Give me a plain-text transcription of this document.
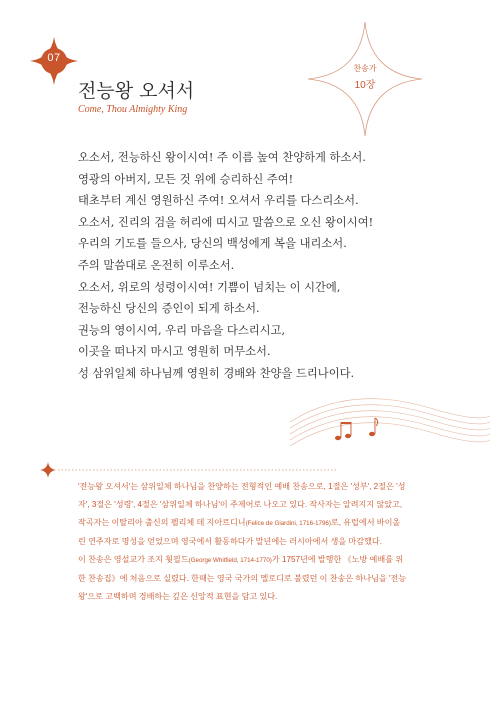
07
전능왕 오셔서
Come, Thou Almighty King
찬송가
10장
오소서, 전능하신 왕이시여! 주 이름 높여 찬양하게 하소서.
영광의 아버지, 모든 것 위에 승리하신 주여!
태초부터 계신 영원하신 주여! 오셔서 우리를 다스리소서.
오소서, 진리의 검을 허리에 띠시고 말씀으로 오신 왕이시여!
우리의 기도를 들으사, 당신의 백성에게 복을 내리소서.
주의 말씀대로 온전히 이루소서.
오소서, 위로의 성령이시여! 기쁨이 넘치는 이 시간에,
전능하신 당신의 증인이 되게 하소서.
권능의 영이시여, 우리 마음을 다스리시고,
이곳을 떠나지 마시고 영원히 머무소서.
성 삼위일체 하나님께 영원히 경배와 찬양을 드리나이다.

'전능왕 오셔서'는 삼위일체 하나님을 찬양하는 전형적인 예배 찬송으로, 1절은 '성부', 2절은 '성자', 3절은 '성령', 4절은 '삼위일체 하나님'이 주제어로 나오고 있다. 작사자는 알려지지 않았고, 작곡자는 이탈리아 출신의 펠리체 데 지아르디니(Felice de Giardini, 1716-1796)로, 유럽에서 바이올린 연주자로 명성을 얻었으며 영국에서 활동하다가 말년에는 러시아에서 생을 마감했다.

이 찬송은 영설교가 조지 휫필드(George Whitfield, 1714-1770)가 1757년에 발행한 《노방 예배를 위한 찬송집》에 처음으로 실렸다. 한때는 영국 국가의 멜로디로 불렸던 이 찬송은 하나님을 '전능왕'으로 고백하며 경배하는 깊은 신앙적 표현을 담고 있다.
